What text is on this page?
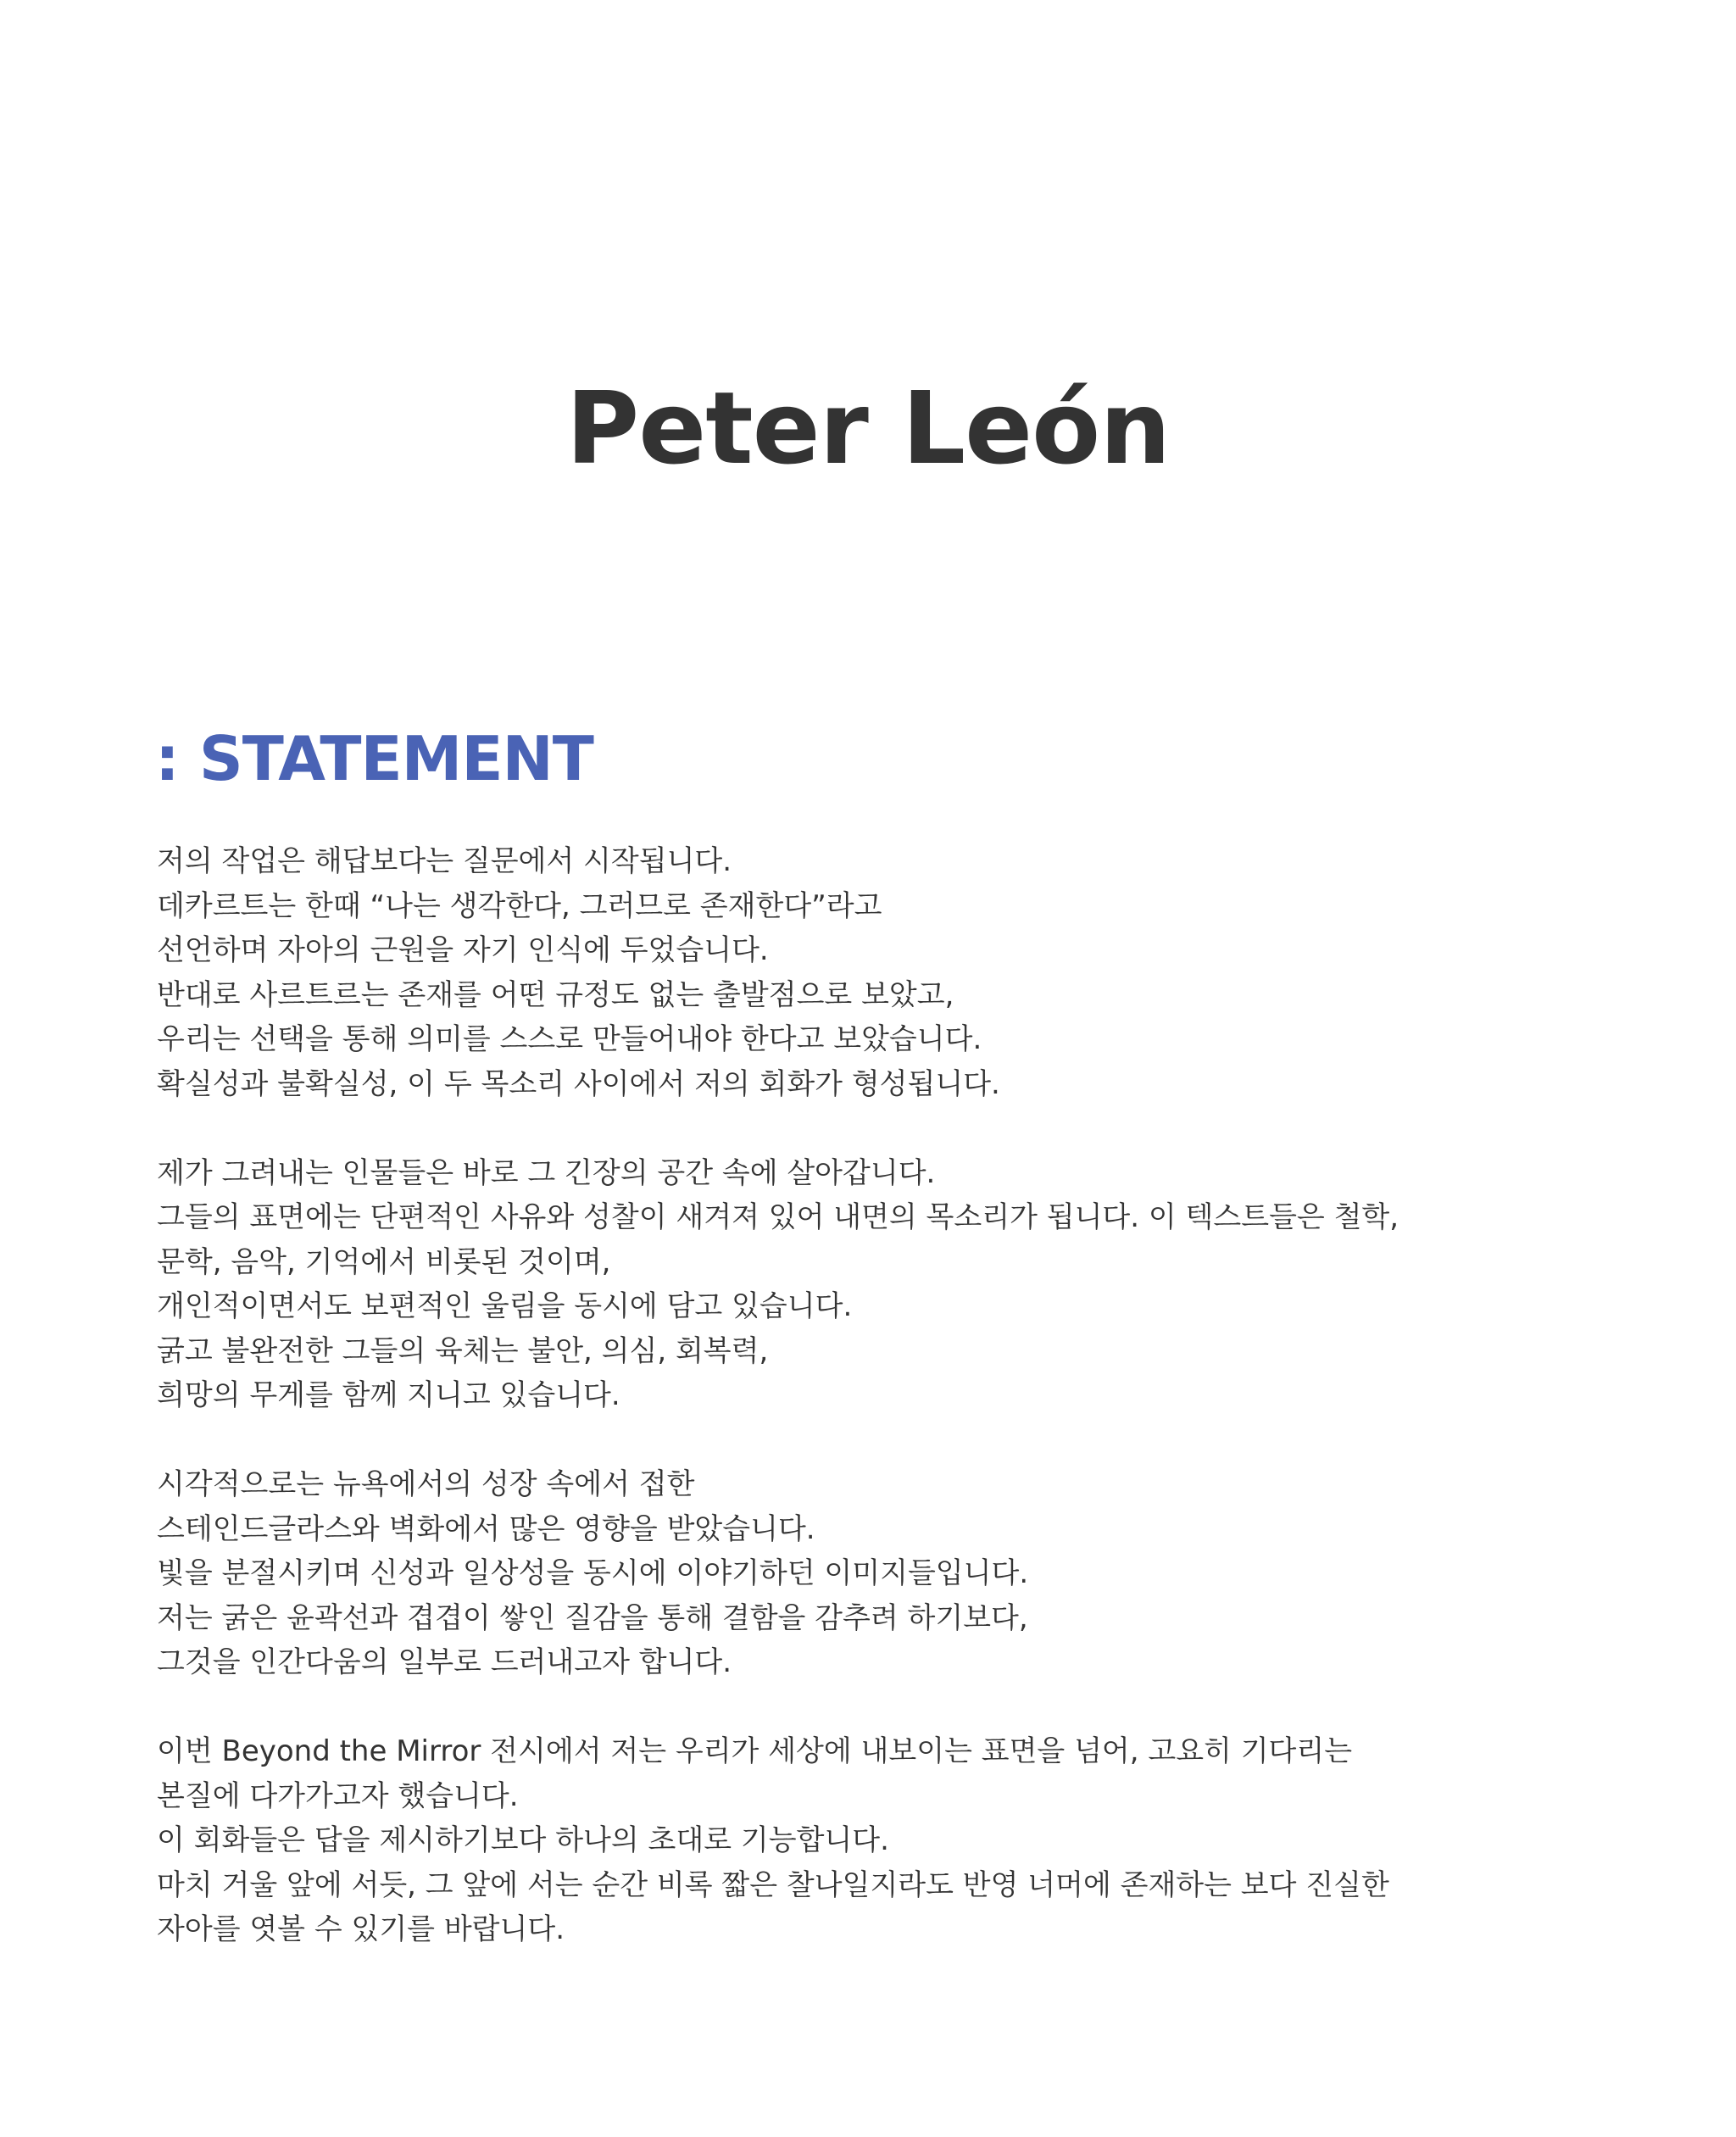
Peter León
: STATEMENT
저의 작업은 해답보다는 질문에서 시작됩니다.
데카르트는 한때 “나는 생각한다, 그러므로 존재한다”라고
선언하며 자아의 근원을 자기 인식에 두었습니다.
반대로 사르트르는 존재를 어떤 규정도 없는 출발점으로 보았고,
우리는 선택을 통해 의미를 스스로 만들어내야 한다고 보았습니다.
확실성과 불확실성, 이 두 목소리 사이에서 저의 회화가 형성됩니다.
제가 그려내는 인물들은 바로 그 긴장의 공간 속에 살아갑니다.
그들의 표면에는 단편적인 사유와 성찰이 새겨져 있어 내면의 목소리가 됩니다. 이 텍스트들은 철학,
문학, 음악, 기억에서 비롯된 것이며,
개인적이면서도 보편적인 울림을 동시에 담고 있습니다.
굵고 불완전한 그들의 육체는 불안, 의심, 회복력,
희망의 무게를 함께 지니고 있습니다.
시각적으로는 뉴욕에서의 성장 속에서 접한
스테인드글라스와 벽화에서 많은 영향을 받았습니다.
빛을 분절시키며 신성과 일상성을 동시에 이야기하던 이미지들입니다.
저는 굵은 윤곽선과 겹겹이 쌓인 질감을 통해 결함을 감추려 하기보다,
그것을 인간다움의 일부로 드러내고자 합니다.
이번 Beyond the Mirror 전시에서 저는 우리가 세상에 내보이는 표면을 넘어, 고요히 기다리는
본질에 다가가고자 했습니다.
이 회화들은 답을 제시하기보다 하나의 초대로 기능합니다.
마치 거울 앞에 서듯, 그 앞에 서는 순간 비록 짧은 찰나일지라도 반영 너머에 존재하는 보다 진실한
자아를 엿볼 수 있기를 바랍니다.
